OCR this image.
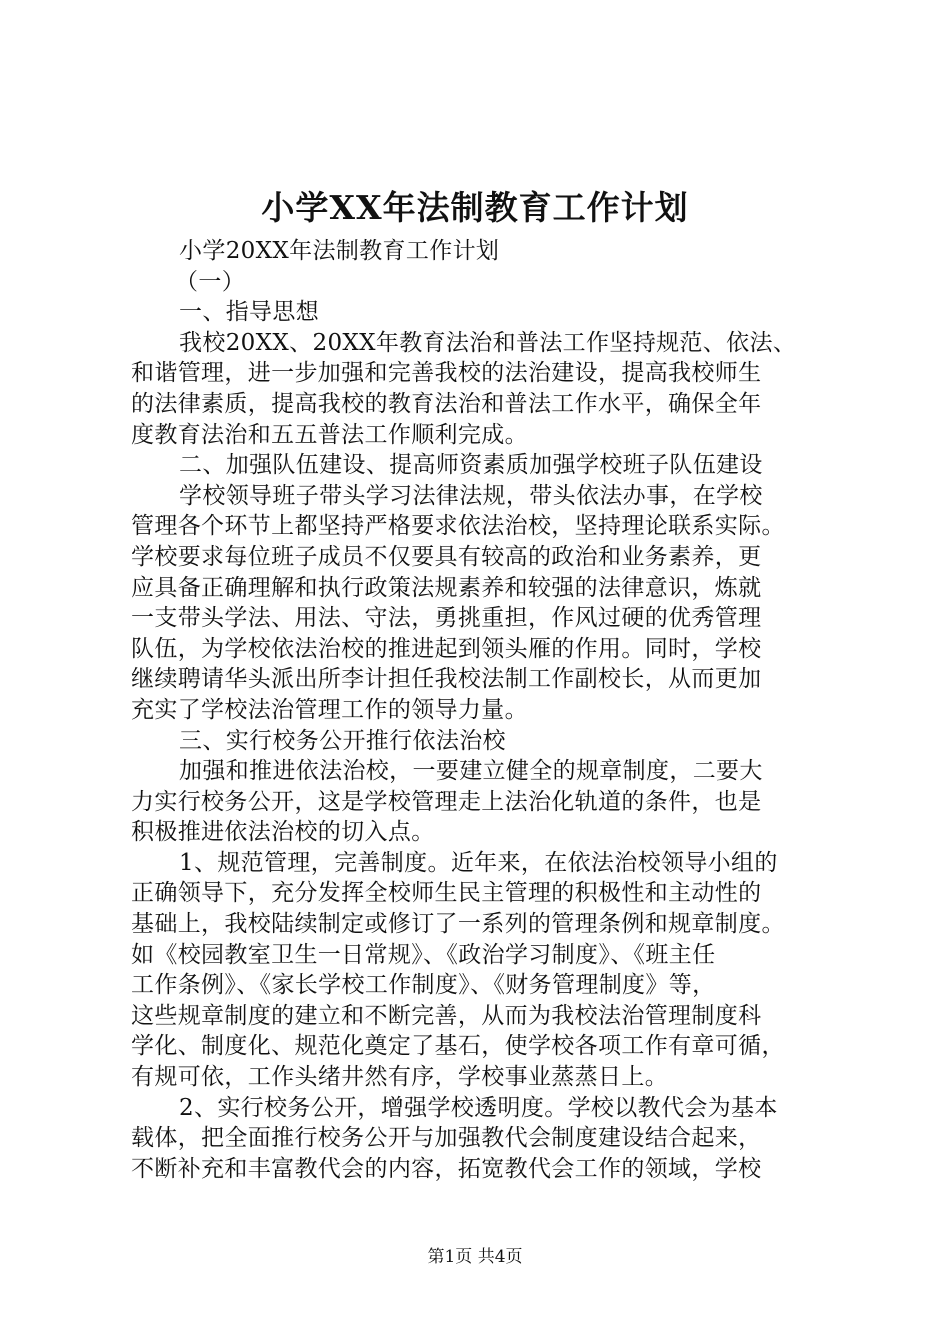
小学XX年法制教育工作计划
小学20XX年法制教育工作计划
（一）
一、指导思想
我校20XX、20XX年教育法治和普法工作坚持规范、依法、
和谐管理，进一步加强和完善我校的法治建设，提高我校师生
的法律素质，提高我校的教育法治和普法工作水平，确保全年
度教育法治和五五普法工作顺利完成。
二、加强队伍建设、提高师资素质加强学校班子队伍建设
学校领导班子带头学习法律法规，带头依法办事，在学校
管理各个环节上都坚持严格要求依法治校，坚持理论联系实际。
学校要求每位班子成员不仅要具有较高的政治和业务素养，更
应具备正确理解和执行政策法规素养和较强的法律意识，炼就
一支带头学法、用法、守法，勇挑重担，作风过硬的优秀管理
队伍，为学校依法治校的推进起到领头雁的作用。同时，学校
继续聘请华头派出所李计担任我校法制工作副校长，从而更加
充实了学校法治管理工作的领导力量。
三、实行校务公开推行依法治校
加强和推进依法治校，一要建立健全的规章制度，二要大
力实行校务公开，这是学校管理走上法治化轨道的条件，也是
积极推进依法治校的切入点。
1、规范管理，完善制度。近年来，在依法治校领导小组的
正确领导下，充分发挥全校师生民主管理的积极性和主动性的
基础上，我校陆续制定或修订了一系列的管理条例和规章制度。
如《校园教室卫生一日常规》、《政治学习制度》、《班主任
工作条例》、《家长学校工作制度》、《财务管理制度》等，
这些规章制度的建立和不断完善，从而为我校法治管理制度科
学化、制度化、规范化奠定了基石，使学校各项工作有章可循，
有规可依，工作头绪井然有序，学校事业蒸蒸日上。
2、实行校务公开，增强学校透明度。学校以教代会为基本
载体，把全面推行校务公开与加强教代会制度建设结合起来，
不断补充和丰富教代会的内容，拓宽教代会工作的领域，学校
第1页 共4页
